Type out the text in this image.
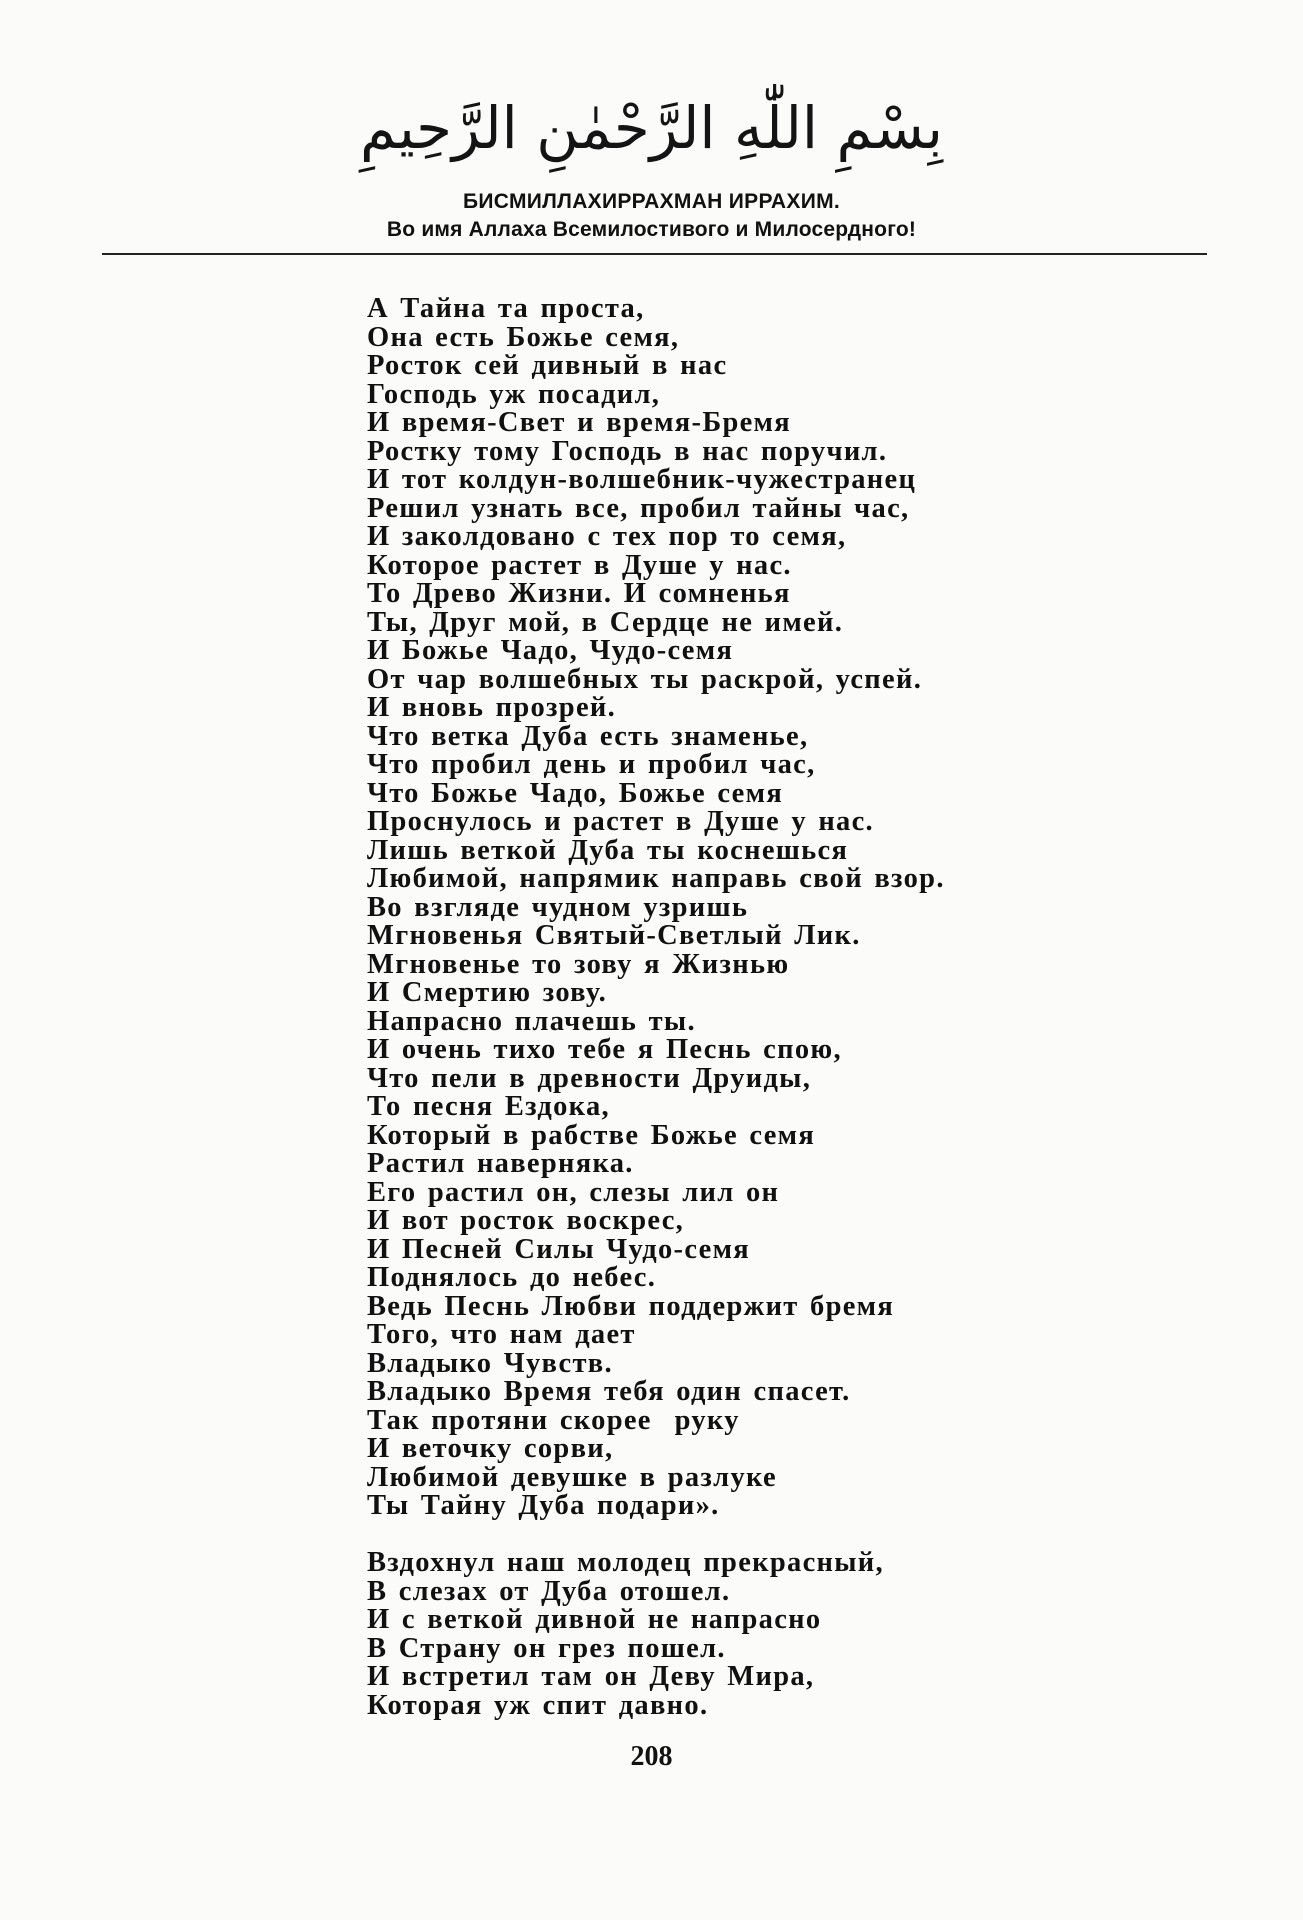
بِسْمِ اللّٰهِ الرَّحْمٰنِ الرَّحِيمِ
БИСМИЛЛАХИРРАХМАН ИРРАХИМ.
Во имя Аллаха Всемилостивого и Милосердного!
А Тайна та проста,
Она есть Божье семя,
Росток сей дивный в нас
Господь уж посадил,
И время-Свет и время-Бремя
Ростку тому Господь в нас поручил.
И тот колдун-волшебник-чужестранец
Решил узнать все, пробил тайны час,
И заколдовано с тех пор то семя,
Которое растет в Душе у нас.
То Древо Жизни. И сомненья
Ты, Друг мой, в Сердце не имей.
И Божье Чадо, Чудо-семя
От чар волшебных ты раскрой, успей.
И вновь прозрей.
Что ветка Дуба есть знаменье,
Что пробил день и пробил час,
Что Божье Чадо, Божье семя
Проснулось и растет в Душе у нас.
Лишь веткой Дуба ты коснешься
Любимой, напрямик направь свой взор.
Во взгляде чудном узришь
Мгновенья Святый-Светлый Лик.
Мгновенье то зову я Жизнью
И Смертию зову.
Напрасно плачешь ты.
И очень тихо тебе я Песнь спою,
Что пели в древности Друиды,
То песня Ездока,
Который в рабстве Божье семя
Растил наверняка.
Его растил он, слезы лил он
И вот росток воскрес,
И Песней Силы Чудо-семя
Поднялось до небес.
Ведь Песнь Любви поддержит бремя
Того, что нам дает
Владыко Чувств.
Владыко Время тебя один спасет.
Так протяни скорее  руку
И веточку сорви,
Любимой девушке в разлуке
Ты Тайну Дуба подари».
Вздохнул наш молодец прекрасный,
В слезах от Дуба отошел.
И с веткой дивной не напрасно
В Страну он грез пошел.
И встретил там он Деву Мира,
Которая уж спит давно.
208
